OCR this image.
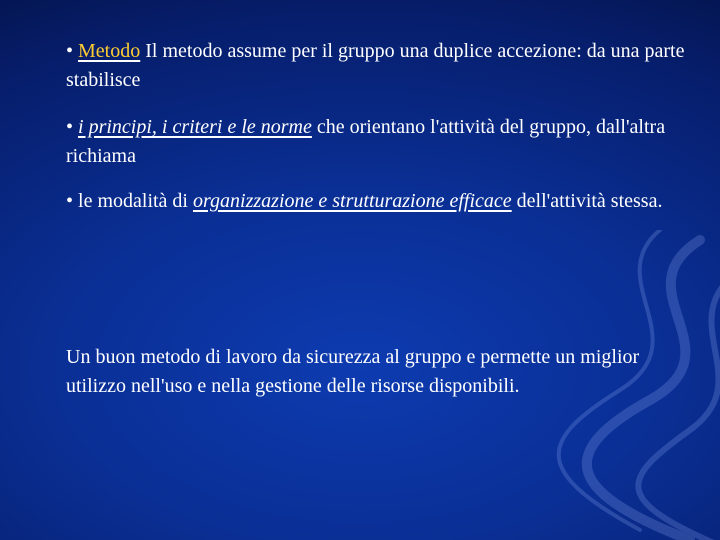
• Metodo Il metodo assume per il gruppo una duplice accezione: da una parte stabilisce

• i principi, i criteri e le norme che orientano l'attività del gruppo, dall'altra richiama

• le modalità di organizzazione e strutturazione efficace dell'attività stessa.

Un buon metodo di lavoro da sicurezza al gruppo e permette un miglior utilizzo nell'uso e nella gestione delle risorse disponibili.
